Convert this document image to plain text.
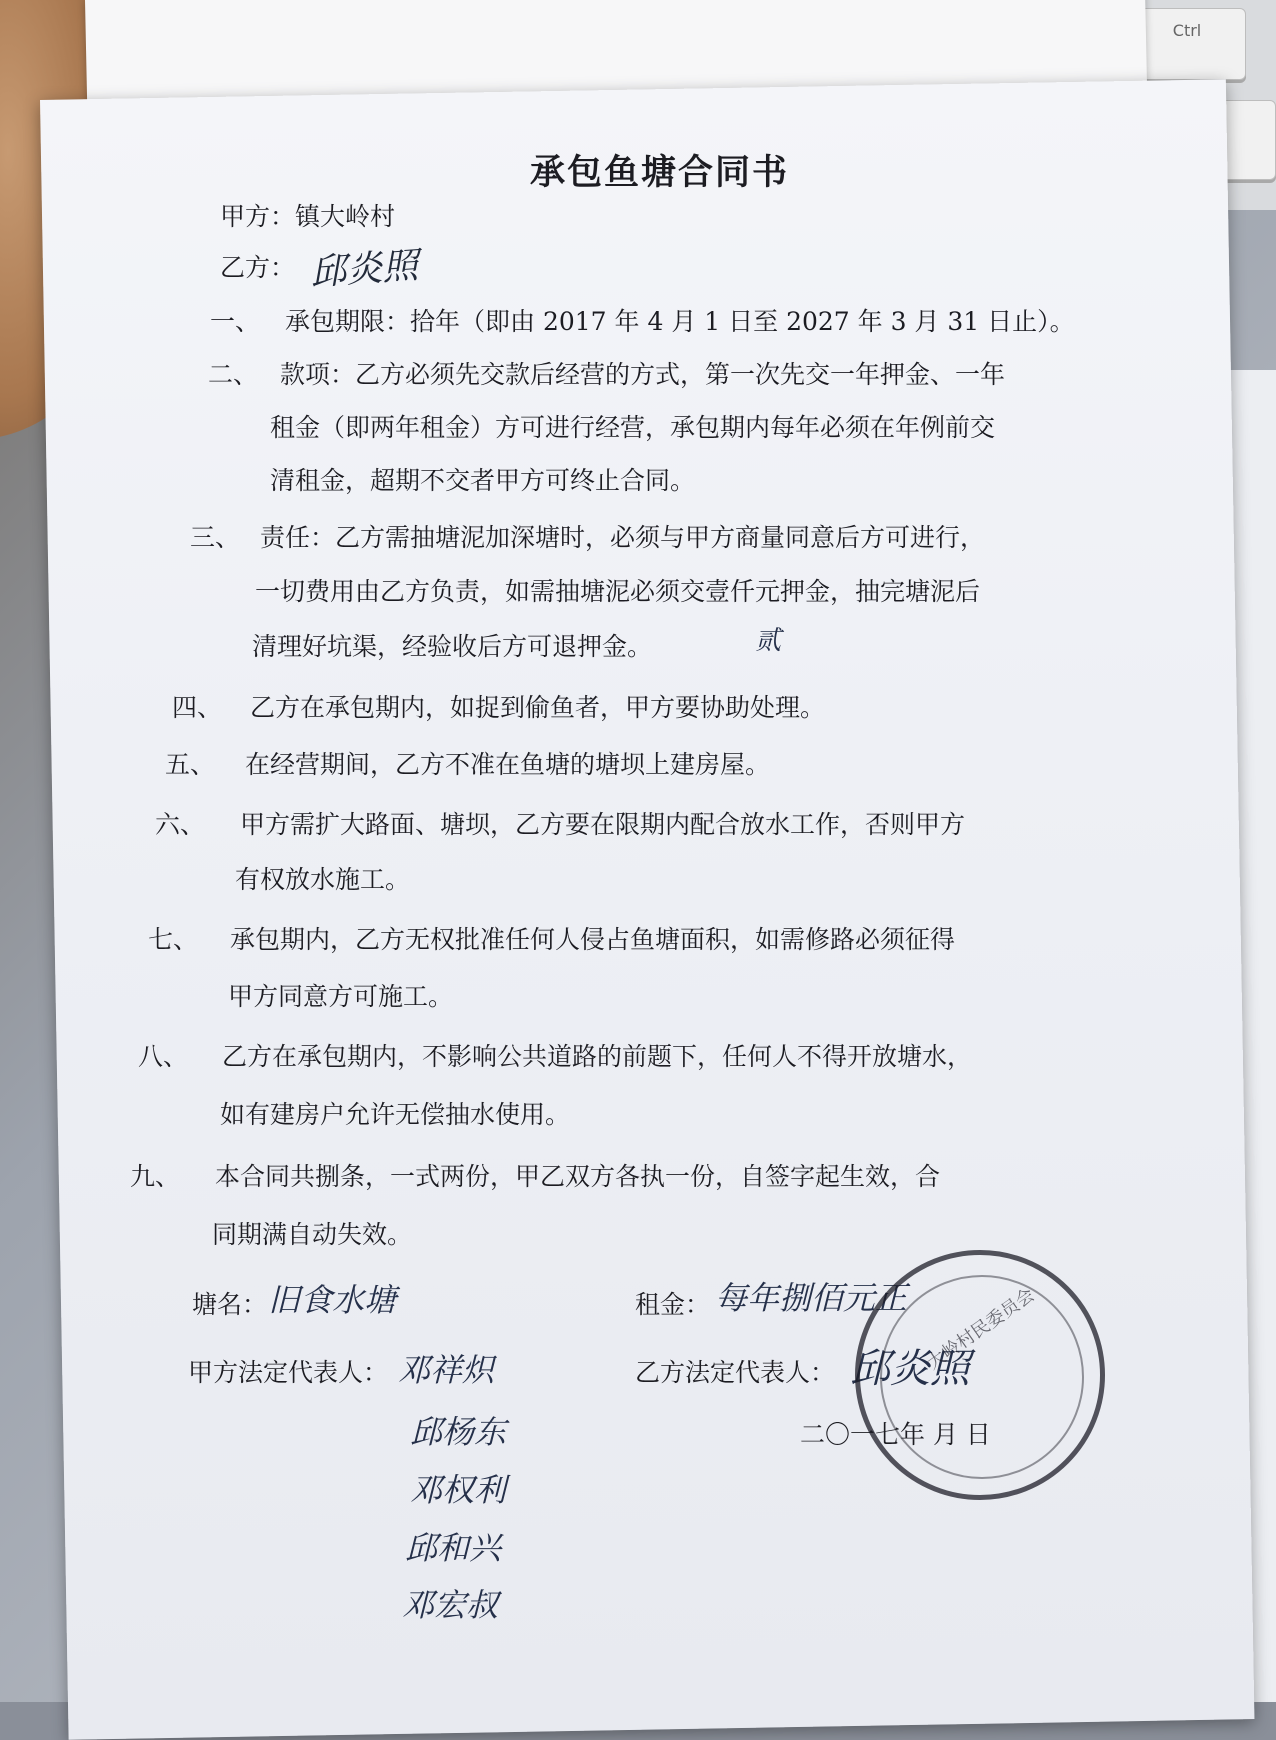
Ctrl
承包鱼塘合同书
甲方：镇大岭村
乙方： 邱炎照
一、 承包期限：拾年（即由 2017 年 4 月 1 日至 2027 年 3 月 31 日止）。
二、 款项：乙方必须先交款后经营的方式，第一次先交一年押金、一年
租金（即两年租金）方可进行经营，承包期内每年必须在年例前交
清租金，超期不交者甲方可终止合同。
三、 责任：乙方需抽塘泥加深塘时，必须与甲方商量同意后方可进行，
一切费用由乙方负责，如需抽塘泥必须交壹仟元押金，抽完塘泥后
清理好坑渠，经验收后方可退押金。	贰
四、 乙方在承包期内，如捉到偷鱼者，甲方要协助处理。
五、 在经营期间，乙方不准在鱼塘的塘坝上建房屋。
六、 甲方需扩大路面、塘坝，乙方要在限期内配合放水工作，否则甲方
有权放水施工。
七、 承包期内，乙方无权批准任何人侵占鱼塘面积，如需修路必须征得
甲方同意方可施工。
八、 乙方在承包期内，不影响公共道路的前题下，任何人不得开放塘水，
如有建房户允许无偿抽水使用。
九、 本合同共捌条，一式两份，甲乙双方各执一份，自签字起生效，合
同期满自动失效。
塘名： 旧食水塘	租金： 每年捌佰元正
甲方法定代表人： 邓祥炽
邱杨东
邓权利
邱和兴
邓宏叔
乙方法定代表人： 邱炎照
二〇一七年 月 日
大岭村民委员会
